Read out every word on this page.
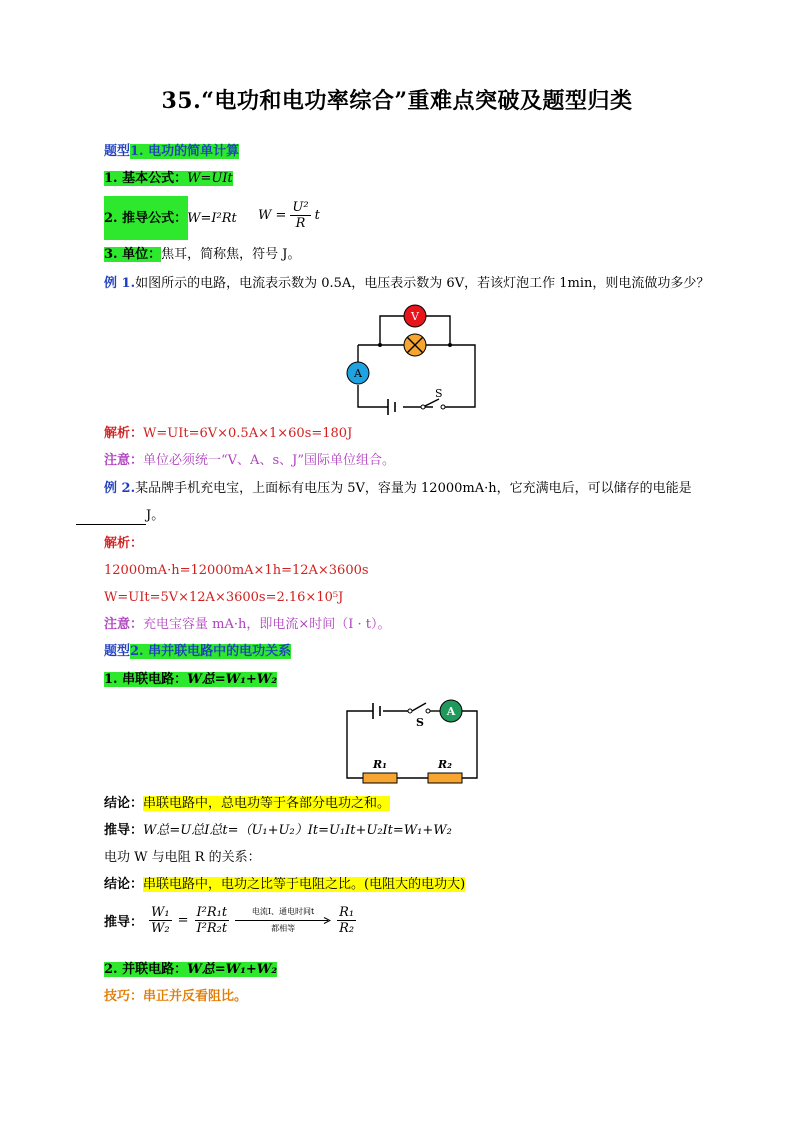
35.“电功和电功率综合”重难点突破及题型归类
题型1. 电功的简单计算
1. 基本公式：W=UIt
2. 推导公式：W=I²Rt $W = \frac{\text{U²}}{R}$ t
3. 单位：焦耳，简称焦，符号 J。
例 1.如图所示的电路，电流表示数为 0.5A，电压表示数为 6V，若该灯泡工作 1min，则电流做功多少？
V
A
S
解析：W=UIt=6V×0.5A×1×60s=180J
注意：单位必须统一“V、A、s、J”国际单位组合。
例 2.某品牌手机充电宝，上面标有电压为 5V，容量为 12000mA·h，它充满电后，可以储存的电能是
J。
解析：
12000mA·h=12000mA×1h=12A×3600s
W=UIt=5V×12A×3600s=2.16×10⁵J
注意：充电宝容量 mA·h，即电流×时间（I · t）。
题型2. 串并联电路中的电功关系
1. 串联电路：W总=W₁+W₂
S
A
R₁	R₂
结论：串联电路中，总电功等于各部分电功之和。
推导：W总=U总I总t=（U₁+U₂）It=U₁It+U₂It=W₁+W₂
电功 W 与电阻 R 的关系：
结论：串联电路中，电功之比等于电阻之比。(电阻大的电功大)
推导： $\frac{\text{W₁}}{\text{W₂}} = \frac{\text{I²R₁t}}{\text{I²R₂t}}$	电流I、通电时间t
都相等	$\frac{\text{R₁}}{\text{R₂}}$
2. 并联电路：W总=W₁+W₂
技巧：串正并反看阻比。
